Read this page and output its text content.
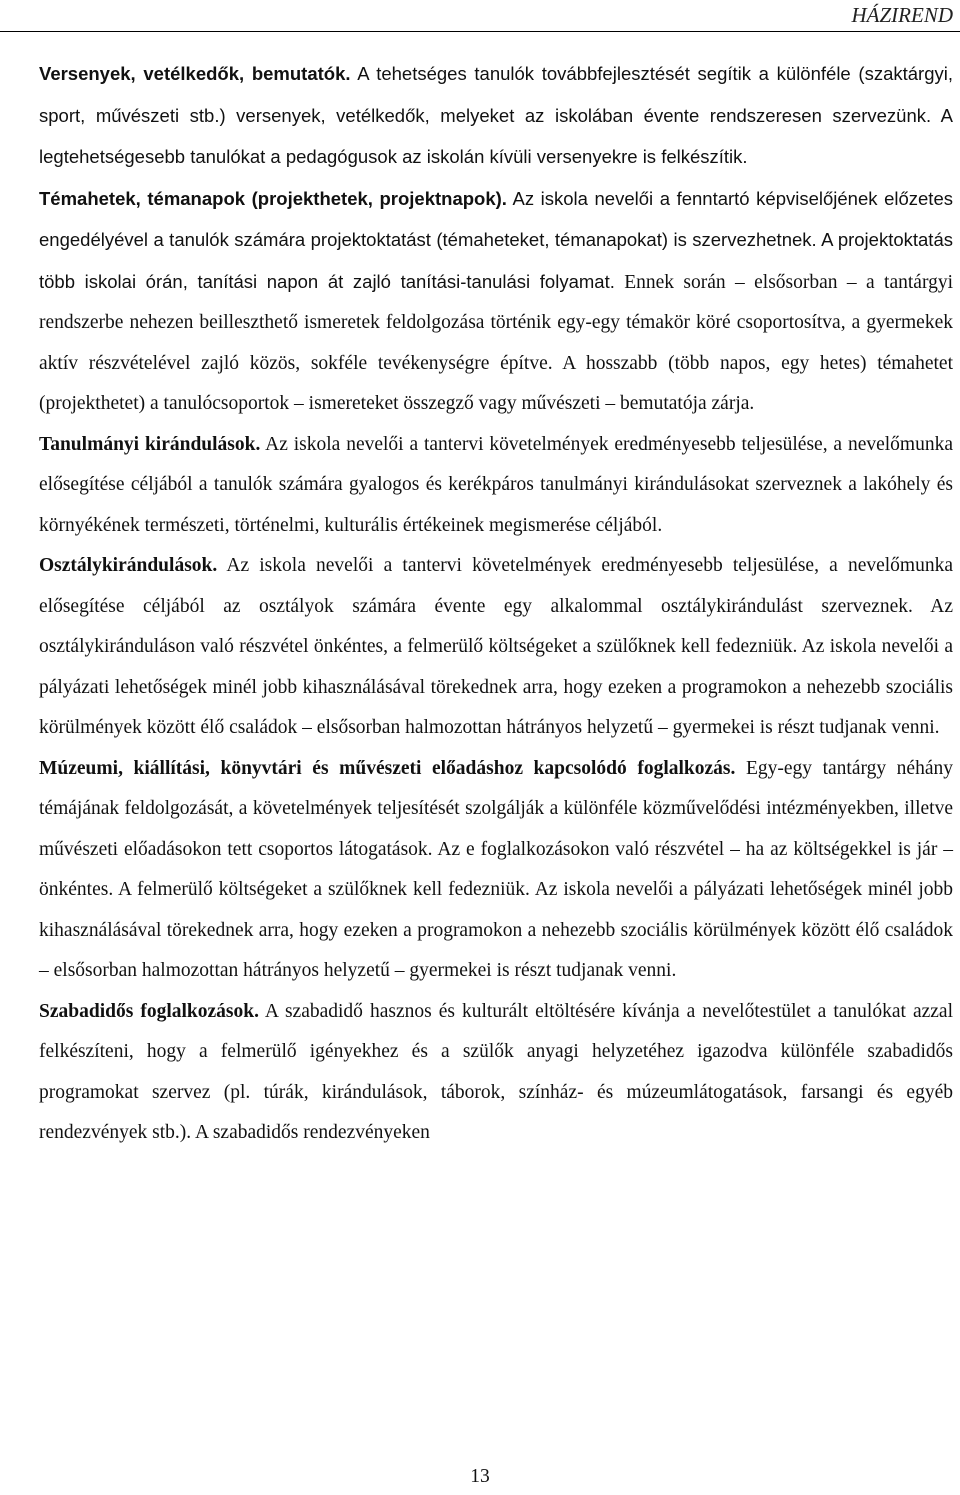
HÁZIREND

Versenyek, vetélkedők, bemutatók. A tehetséges tanulók továbbfejlesztését segítik a különféle (szaktárgyi, sport, művészeti stb.) versenyek, vetélkedők, melyeket az iskolában évente rendszeresen szervezünk. A legtehetségesebb tanulókat a pedagógusok az iskolán kívüli versenyekre is felkészítik.

Témahetek, témanapok (projekthetek, projektnapok). Az iskola nevelői a fenntartó képviselőjének előzetes engedélyével a tanulók számára projektoktatást (témaheteket, témanapokat) is szervezhetnek. A projektoktatás több iskolai órán, tanítási napon át zajló tanítási-tanulási folyamat. Ennek során – elsősorban – a tantárgyi rendszerbe nehezen beilleszthető ismeretek feldolgozása történik egy-egy témakör köré csoportosítva, a gyermekek aktív részvételével zajló közös, sokféle tevékenységre építve. A hosszabb (több napos, egy hetes) témahetet (projekthetet) a tanulócsoportok – ismereteket összegző vagy művészeti – bemutatója zárja.

Tanulmányi kirándulások. Az iskola nevelői a tantervi követelmények eredményesebb teljesülése, a nevelőmunka elősegítése céljából a tanulók számára gyalogos és kerékpáros tanulmányi kirándulásokat szerveznek a lakóhely és környékének természeti, történelmi, kulturális értékeinek megismerése céljából.

Osztálykirándulások. Az iskola nevelői a tantervi követelmények eredményesebb teljesülése, a nevelőmunka elősegítése céljából az osztályok számára évente egy alkalommal osztálykirándulást szerveznek. Az osztálykiránduláson való részvétel önkéntes, a felmerülő költségeket a szülőknek kell fedezniük. Az iskola nevelői a pályázati lehetőségek minél jobb kihasználásával törekednek arra, hogy ezeken a programokon a nehezebb szociális körülmények között élő családok – elsősorban halmozottan hátrányos helyzetű – gyermekei is részt tudjanak venni.

Múzeumi, kiállítási, könyvtári és művészeti előadáshoz kapcsolódó foglalkozás. Egy-egy tantárgy néhány témájának feldolgozását, a követelmények teljesítését szolgálják a különféle közművelődési intézményekben, illetve művészeti előadásokon tett csoportos látogatások. Az e foglalkozásokon való részvétel – ha az költségekkel is jár – önkéntes. A felmerülő költségeket a szülőknek kell fedezniük. Az iskola nevelői a pályázati lehetőségek minél jobb kihasználásával törekednek arra, hogy ezeken a programokon a nehezebb szociális körülmények között élő családok – elsősorban halmozottan hátrányos helyzetű – gyermekei is részt tudjanak venni.

Szabadidős foglalkozások. A szabadidő hasznos és kulturált eltöltésére kívánja a nevelőtestület a tanulókat azzal felkészíteni, hogy a felmerülő igényekhez és a szülők anyagi helyzetéhez igazodva különféle szabadidős programokat szervez (pl. túrák, kirándulások, táborok, színház- és múzeumlátogatások, farsangi és egyéb rendezvények stb.). A szabadidős rendezvényeken

13
